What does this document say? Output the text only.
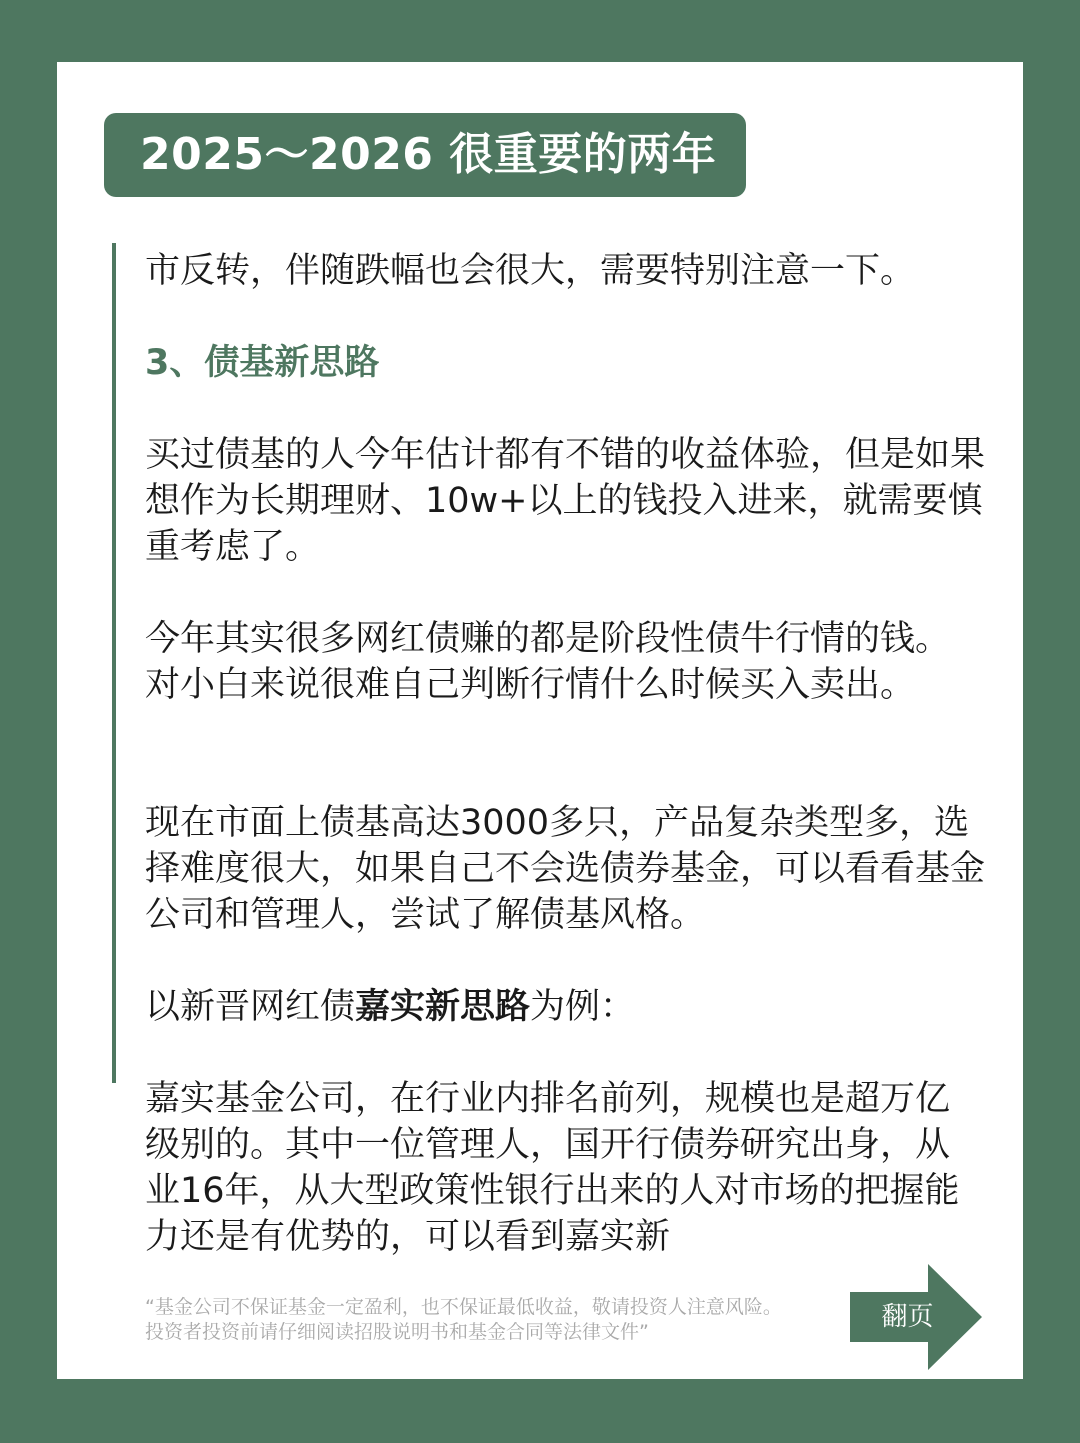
2025～2026 很重要的两年

市反转，伴随跌幅也会很大，需要特别注意一下。

3、债基新思路

买过债基的人今年估计都有不错的收益体验，但是如果想作为长期理财、10w+以上的钱投入进来，就需要慎重考虑了。

今年其实很多网红债赚的都是阶段性债牛行情的钱。对小白来说很难自己判断行情什么时候买入卖出。

现在市面上债基高达3000多只，产品复杂类型多，选择难度很大，如果自己不会选债券基金，可以看看基金公司和管理人，尝试了解债基风格。

以新晋网红债嘉实新思路为例：

嘉实基金公司，在行业内排名前列，规模也是超万亿级别的。其中一位管理人，国开行债券研究出身，从业16年，从大型政策性银行出来的人对市场的把握能力还是有优势的，可以看到嘉实新

“基金公司不保证基金一定盈利，也不保证最低收益，敬请投资人注意风险。
投资者投资前请仔细阅读招股说明书和基金合同等法律文件”	翻页
